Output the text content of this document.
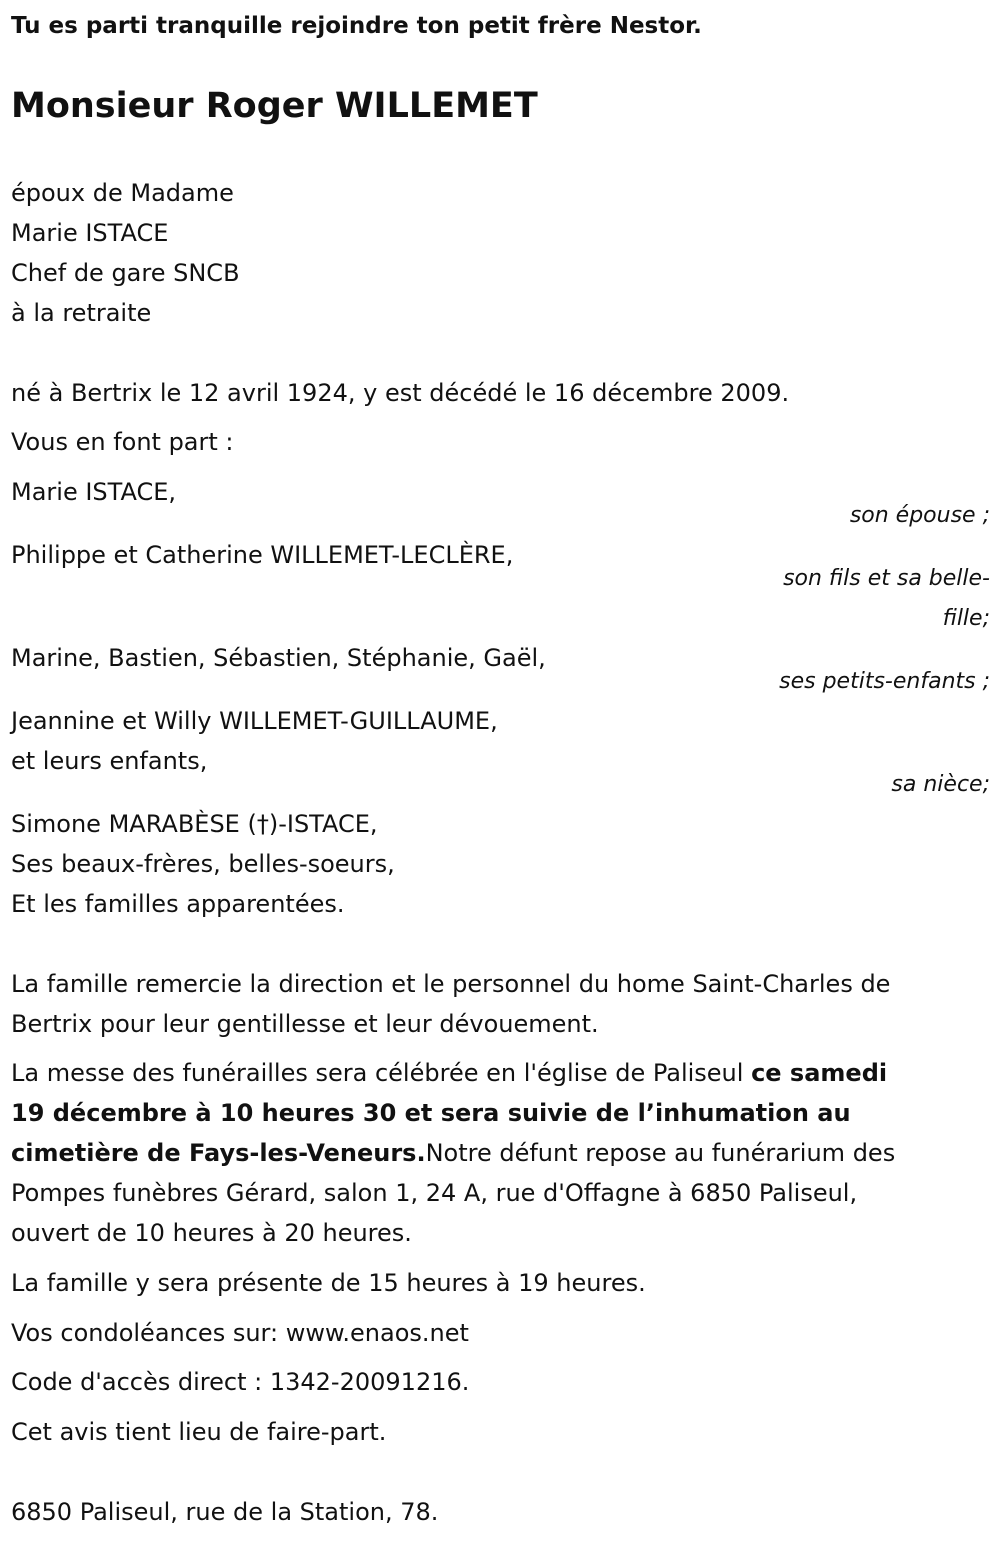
Tu es parti tranquille rejoindre ton petit frère Nestor.
Monsieur Roger WILLEMET
époux de Madame
Marie ISTACE
Chef de gare SNCB
à la retraite
né à Bertrix le 12 avril 1924, y est décédé le 16 décembre 2009.
Vous en font part :
Marie ISTACE,
son épouse ;
Philippe et Catherine WILLEMET-LECLÈRE,
son fils et sa belle-
fille;
Marine, Bastien, Sébastien, Stéphanie, Gaël,
ses petits-enfants ;
Jeannine et Willy WILLEMET-GUILLAUME,
et leurs enfants,
sa nièce;
Simone MARABÈSE (†)-ISTACE,
Ses beaux-frères, belles-soeurs,
Et les familles apparentées.
La famille remercie la direction et le personnel du home Saint-Charles de
Bertrix pour leur gentillesse et leur dévouement.
La messe des funérailles sera célébrée en l'église de Paliseul ce samedi
19 décembre à 10 heures 30 et sera suivie de l’inhumation au
cimetière de Fays-les-Veneurs.Notre défunt repose au funérarium des
Pompes funèbres Gérard, salon 1, 24 A, rue d'Offagne à 6850 Paliseul,
ouvert de 10 heures à 20 heures.
La famille y sera présente de 15 heures à 19 heures.
Vos condoléances sur: www.enaos.net
Code d'accès direct : 1342-20091216.
Cet avis tient lieu de faire-part.
6850 Paliseul, rue de la Station, 78.
